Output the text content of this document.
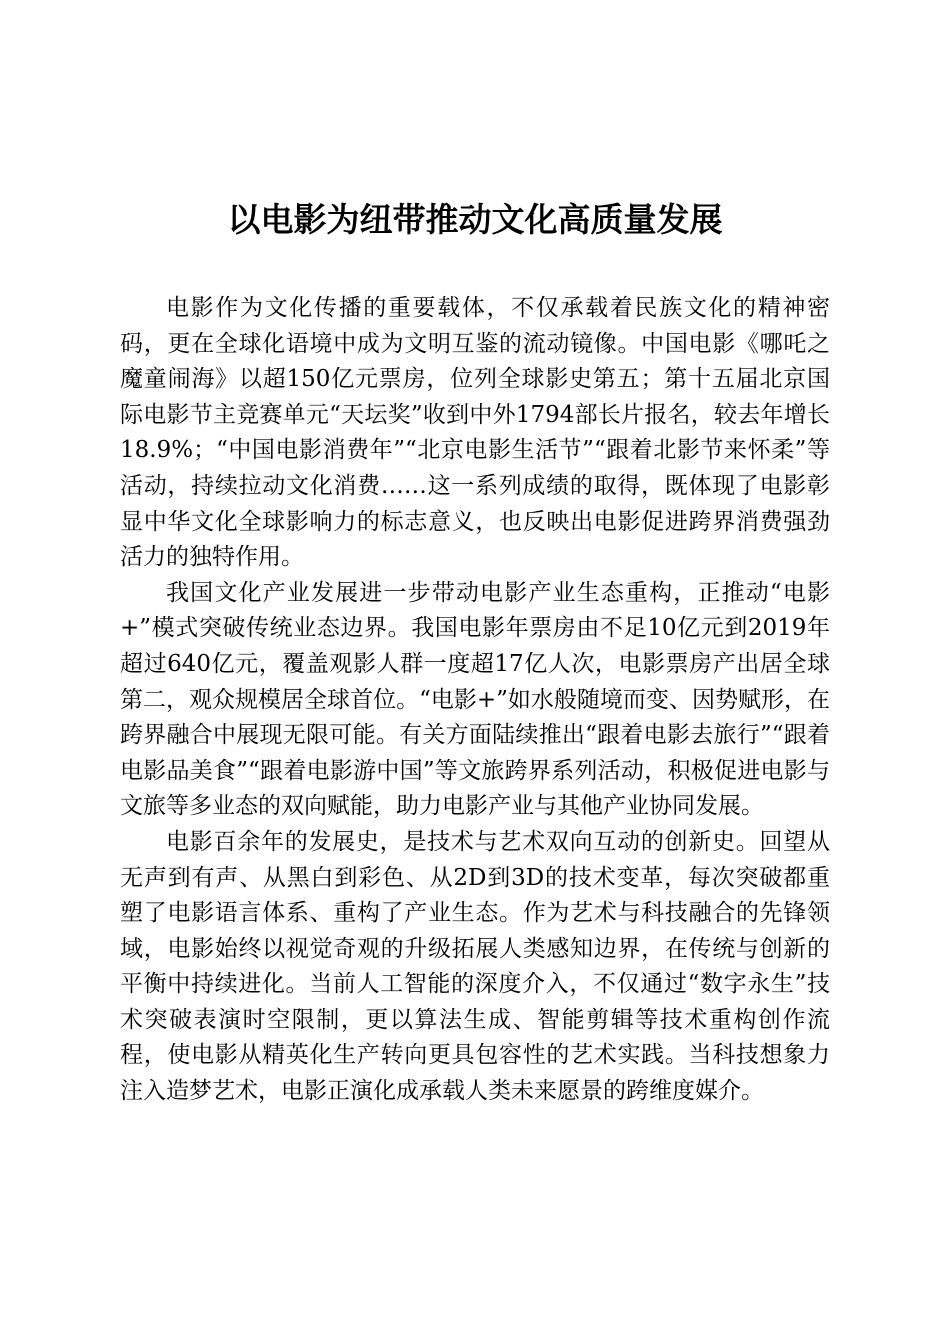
以电影为纽带推动文化高质量发展

电影作为文化传播的重要载体，不仅承载着民族文化的精神密码，更在全球化语境中成为文明互鉴的流动镜像。中国电影《哪吒之魔童闹海》以超150亿元票房，位列全球影史第五；第十五届北京国际电影节主竞赛单元“天坛奖”收到中外1794部长片报名，较去年增长18.9%；“中国电影消费年”“北京电影生活节”“跟着北影节来怀柔”等活动，持续拉动文化消费……这一系列成绩的取得，既体现了电影彰显中华文化全球影响力的标志意义，也反映出电影促进跨界消费强劲活力的独特作用。

我国文化产业发展进一步带动电影产业生态重构，正推动“电影+”模式突破传统业态边界。我国电影年票房由不足10亿元到2019年超过640亿元，覆盖观影人群一度超17亿人次，电影票房产出居全球第二，观众规模居全球首位。“电影+”如水般随境而变、因势赋形，在跨界融合中展现无限可能。有关方面陆续推出“跟着电影去旅行”“跟着电影品美食”“跟着电影游中国”等文旅跨界系列活动，积极促进电影与文旅等多业态的双向赋能，助力电影产业与其他产业协同发展。

电影百余年的发展史，是技术与艺术双向互动的创新史。回望从无声到有声、从黑白到彩色、从2D到3D的技术变革，每次突破都重塑了电影语言体系、重构了产业生态。作为艺术与科技融合的先锋领域，电影始终以视觉奇观的升级拓展人类感知边界，在传统与创新的平衡中持续进化。当前人工智能的深度介入，不仅通过“数字永生”技术突破表演时空限制，更以算法生成、智能剪辑等技术重构创作流程，使电影从精英化生产转向更具包容性的艺术实践。当科技想象力注入造梦艺术，电影正演化成承载人类未来愿景的跨维度媒介。
